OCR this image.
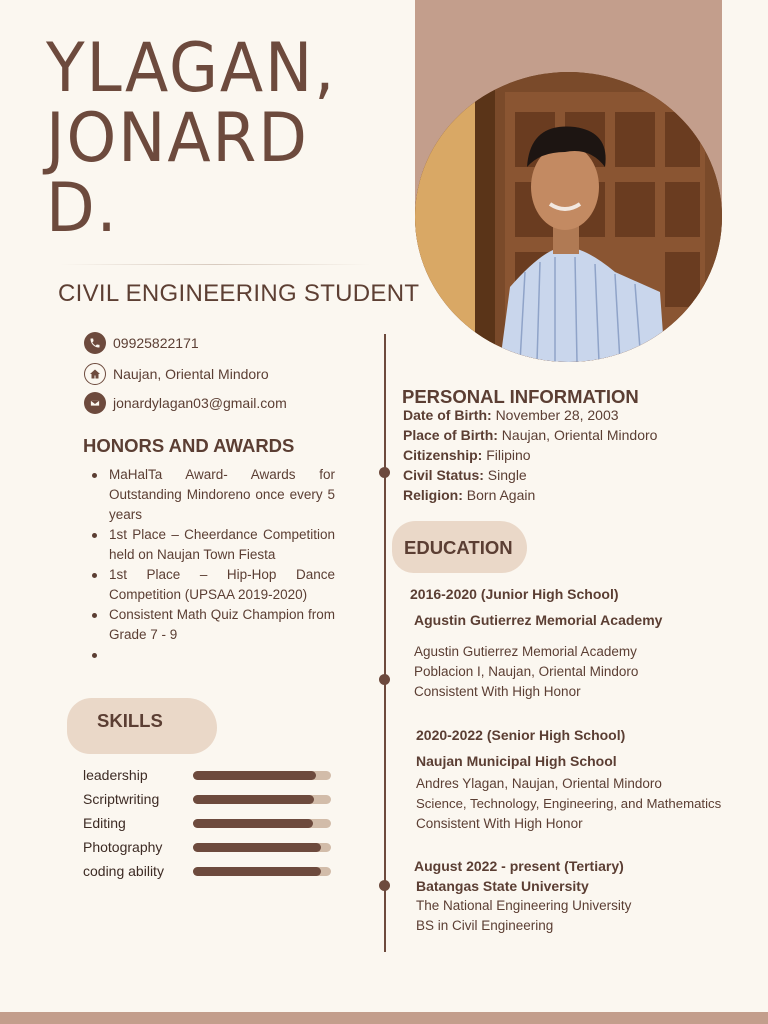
YLAGAN,
JONARD
D.
CIVIL ENGINEERING STUDENT
09925822171
Naujan, Oriental Mindoro
jonardylagan03@gmail.com
HONORS AND AWARDS
MaHalTa Award- Awards for Outstanding Mindoreno once every 5 years
1st Place – Cheerdance Competition held on Naujan Town Fiesta
1st Place – Hip-Hop Dance Competition (UPSAA 2019-2020)
Consistent Math Quiz Champion from Grade 7 - 9
SKILLS
leadership
Scriptwriting
Editing
Photography
coding ability
PERSONAL INFORMATION
Date of Birth: November 28, 2003
Place of Birth: Naujan, Oriental Mindoro
Citizenship: Filipino
Civil Status: Single
Religion: Born Again
EDUCATION
2016-2020 (Junior High School)
Agustin Gutierrez Memorial Academy
Agustin Gutierrez Memorial Academy
Poblacion I, Naujan, Oriental Mindoro
Consistent With High Honor
2020-2022 (Senior High School)
Naujan Municipal High School
Andres Ylagan, Naujan, Oriental Mindoro
Science, Technology, Engineering, and Mathematics
Consistent With High Honor
August 2022 - present (Tertiary)
Batangas State University
The National Engineering University
BS in Civil Engineering
